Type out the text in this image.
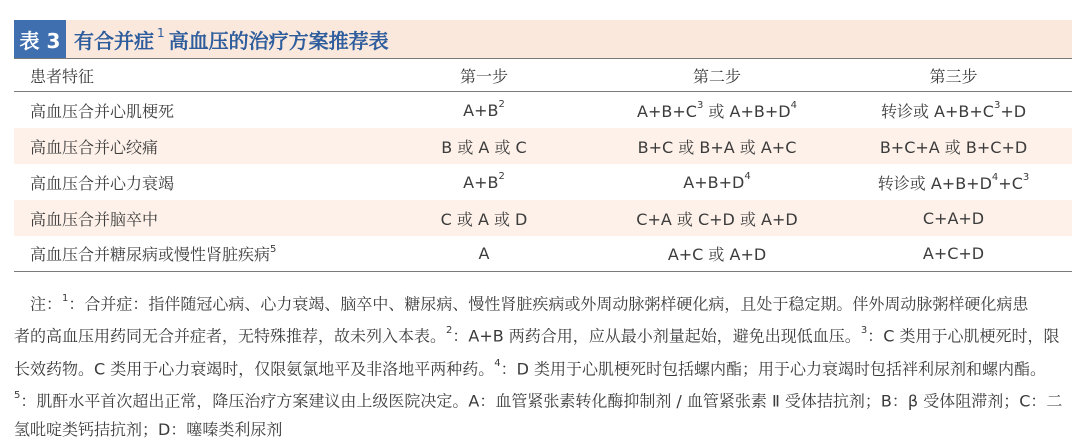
表 3 有合并症 $^1$ 高血压的治疗方案推荐表
患者特征	第一步	第二步	第三步
高血压合并心肌梗死	$A+B^2$	$A+B+C^3$ 或 $A+B+D^4$	转诊或 $A+B+C^3+D$
高血压合并心绞痛	B 或 A 或 C	B+C 或 B+A 或 A+C	B+C+A 或 B+C+D
高血压合并心力衰竭	$A+B^2$	$A+B+D^4$	转诊或 $A+B+D^4+C^3$
高血压合并脑卒中	C 或 A 或 D	C+A 或 C+D 或 A+D	C+A+D
高血压合并糖尿病或慢性肾脏疾病$^5$	A	A+C 或 A+D	A+C+D

注：$^1$：合并症：指伴随冠心病、心力衰竭、脑卒中、糖尿病、慢性肾脏疾病或外周动脉粥样硬化病，且处于稳定期。伴外周动脉粥样硬化病患

者的高血压用药同无合并症者，无特殊推荐，故未列入本表。$^2$：A+B 两药合用，应从最小剂量起始，避免出现低血压。$^3$：C 类用于心肌梗死时，限

长效药物。C 类用于心力衰竭时，仅限氨氯地平及非洛地平两种药。$^4$：D 类用于心肌梗死时包括螺内酯；用于心力衰竭时包括袢利尿剂和螺内酯。

$^5$：肌酐水平首次超出正常，降压治疗方案建议由上级医院决定。A：血管紧张素转化酶抑制剂 / 血管紧张素 Ⅱ 受体拮抗剂；B：β 受体阻滞剂；C：二

氢吡啶类钙拮抗剂；D：噻嗪类利尿剂
